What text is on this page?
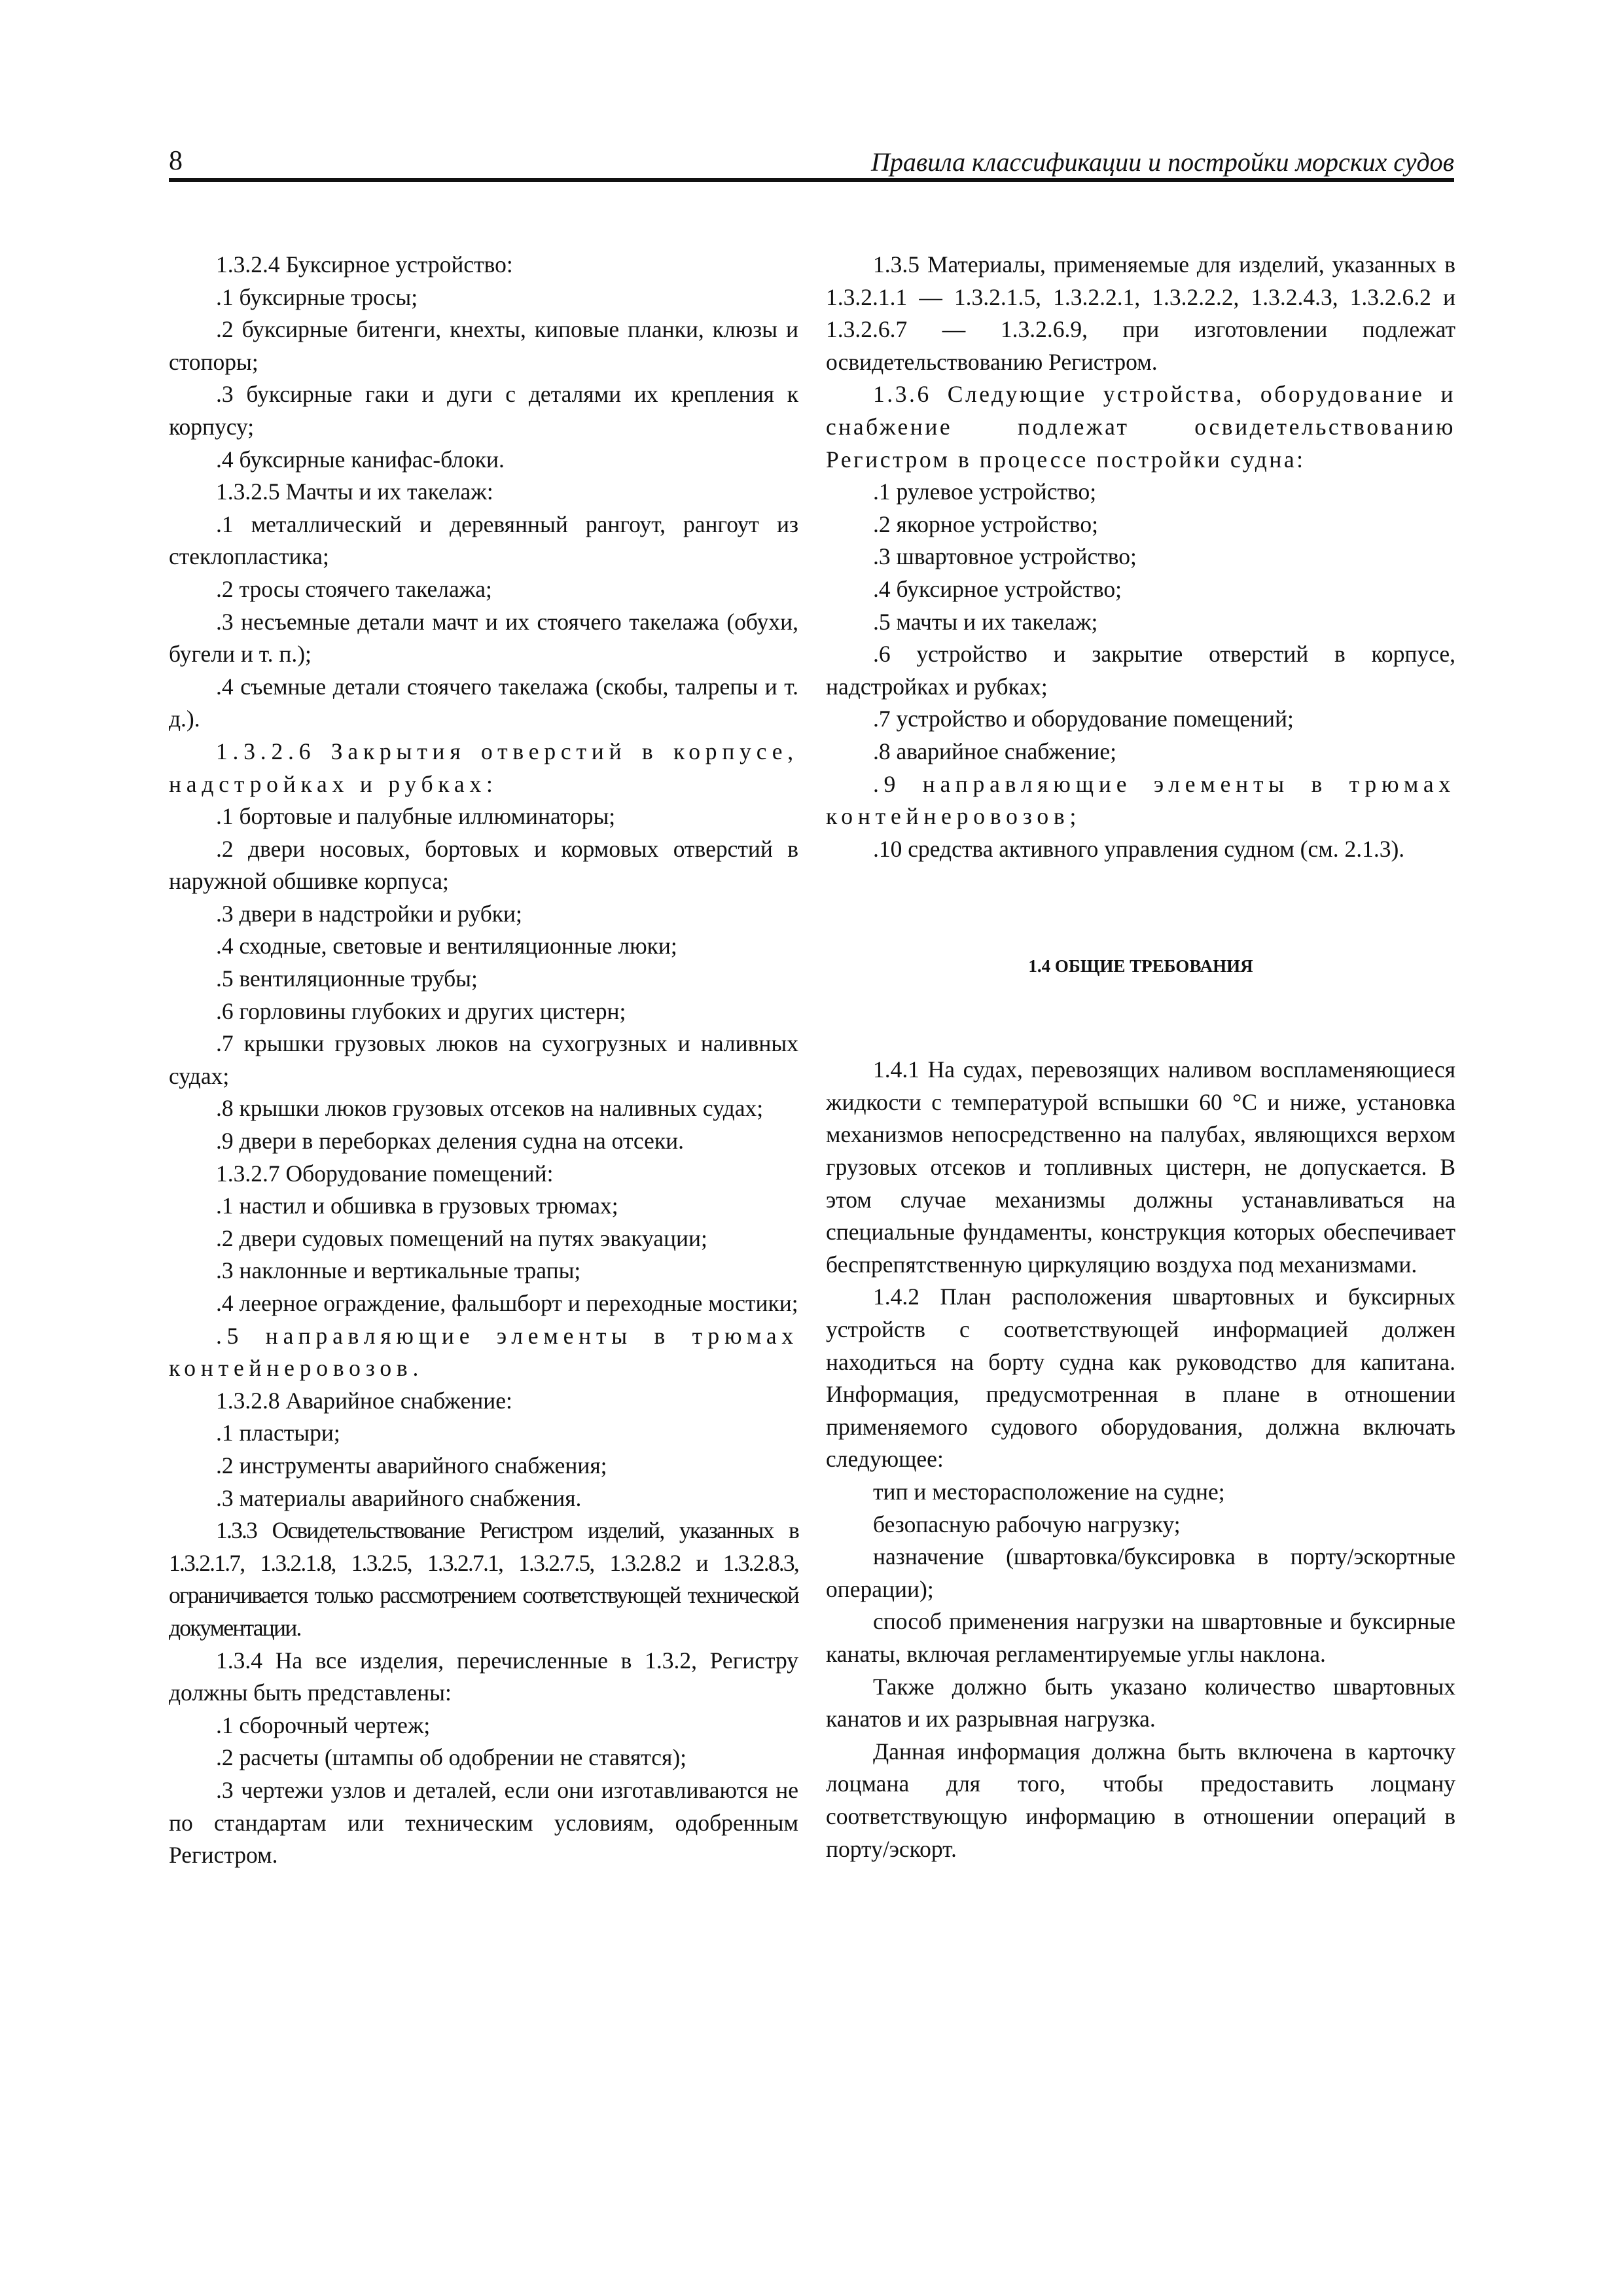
8	Правила классификации и постройки морских судов

1.3.2.4 Буксирное устройство:

.1 буксирные тросы;

.2 буксирные битенги, кнехты, киповые планки, клюзы и стопоры;

.3 буксирные гаки и дуги с деталями их крепления к корпусу;

.4 буксирные канифас-блоки.

1.3.2.5 Мачты и их такелаж:

.1 металлический и деревянный рангоут, рангоут из стеклопластика;

.2 тросы стоячего такелажа;

.3 несъемные детали мачт и их стоячего такелажа (обухи, бугели и т. п.);

.4 съемные детали стоячего такелажа (скобы, талрепы и т. д.).

1.3.2.6 Закрытия отверстий в корпусе, надстройках и рубках:

.1 бортовые и палубные иллюминаторы;

.2 двери носовых, бортовых и кормовых отверстий в наружной обшивке корпуса;

.3 двери в надстройки и рубки;

.4 сходные, световые и вентиляционные люки;

.5 вентиляционные трубы;

.6 горловины глубоких и других цистерн;

.7 крышки грузовых люков на сухогрузных и наливных судах;

.8 крышки люков грузовых отсеков на наливных судах;

.9 двери в переборках деления судна на отсеки.

1.3.2.7 Оборудование помещений:

.1 настил и обшивка в грузовых трюмах;

.2 двери судовых помещений на путях эвакуации;

.3 наклонные и вертикальные трапы;

.4 леерное ограждение, фальшборт и переходные мостики;

.5 направляющие элементы в трюмах контейнеровозов.

1.3.2.8 Аварийное снабжение:

.1 пластыри;

.2 инструменты аварийного снабжения;

.3 материалы аварийного снабжения.

1.3.3 Освидетельствование Регистром изделий, указанных в 1.3.2.1.7, 1.3.2.1.8, 1.3.2.5, 1.3.2.7.1, 1.3.2.7.5, 1.3.2.8.2 и 1.3.2.8.3, ограничивается только рассмотрением соответствующей технической документации.

1.3.4 На все изделия, перечисленные в 1.3.2, Регистру должны быть представлены:

.1 сборочный чертеж;

.2 расчеты (штампы об одобрении не ставятся);

.3 чертежи узлов и деталей, если они изготавливаются не по стандартам или техническим условиям, одобренным Регистром.

1.3.5 Материалы, применяемые для изделий, указанных в 1.3.2.1.1 — 1.3.2.1.5, 1.3.2.2.1, 1.3.2.2.2, 1.3.2.4.3, 1.3.2.6.2 и 1.3.2.6.7 — 1.3.2.6.9, при изготовлении подлежат освидетельствованию Регистром.

1.3.6 Следующие устройства, оборудование и снабжение подлежат освидетельствованию Регистром в процессе постройки судна:

.1 рулевое устройство;

.2 якорное устройство;

.3 швартовное устройство;

.4 буксирное устройство;

.5 мачты и их такелаж;

.6 устройство и закрытие отверстий в корпусе, надстройках и рубках;

.7 устройство и оборудование помещений;

.8 аварийное снабжение;

.9 направляющие элементы в трюмах контейнеровозов;

.10 средства активного управления судном (см. 2.1.3).

1.4 ОБЩИЕ ТРЕБОВАНИЯ

1.4.1 На судах, перевозящих наливом воспламеняющиеся жидкости с температурой вспышки 60 °С и ниже, установка механизмов непосредственно на палубах, являющихся верхом грузовых отсеков и топливных цистерн, не допускается. В этом случае механизмы должны устанавливаться на специальные фундаменты, конструкция которых обеспечивает беспрепятственную циркуляцию воздуха под механизмами.

1.4.2 План расположения швартовных и буксирных устройств с соответствующей информацией должен находиться на борту судна как руководство для капитана. Информация, предусмотренная в плане в отношении применяемого судового оборудования, должна включать следующее:

тип и месторасположение на судне;

безопасную рабочую нагрузку;

назначение (швартовка/буксировка в порту/эскортные операции);

способ применения нагрузки на швартовные и буксирные канаты, включая регламентируемые углы наклона.

Также должно быть указано количество швартовных канатов и их разрывная нагрузка.

Данная информация должна быть включена в карточку лоцмана для того, чтобы предоставить лоцману соответствующую информацию в отношении операций в порту/эскорт.
